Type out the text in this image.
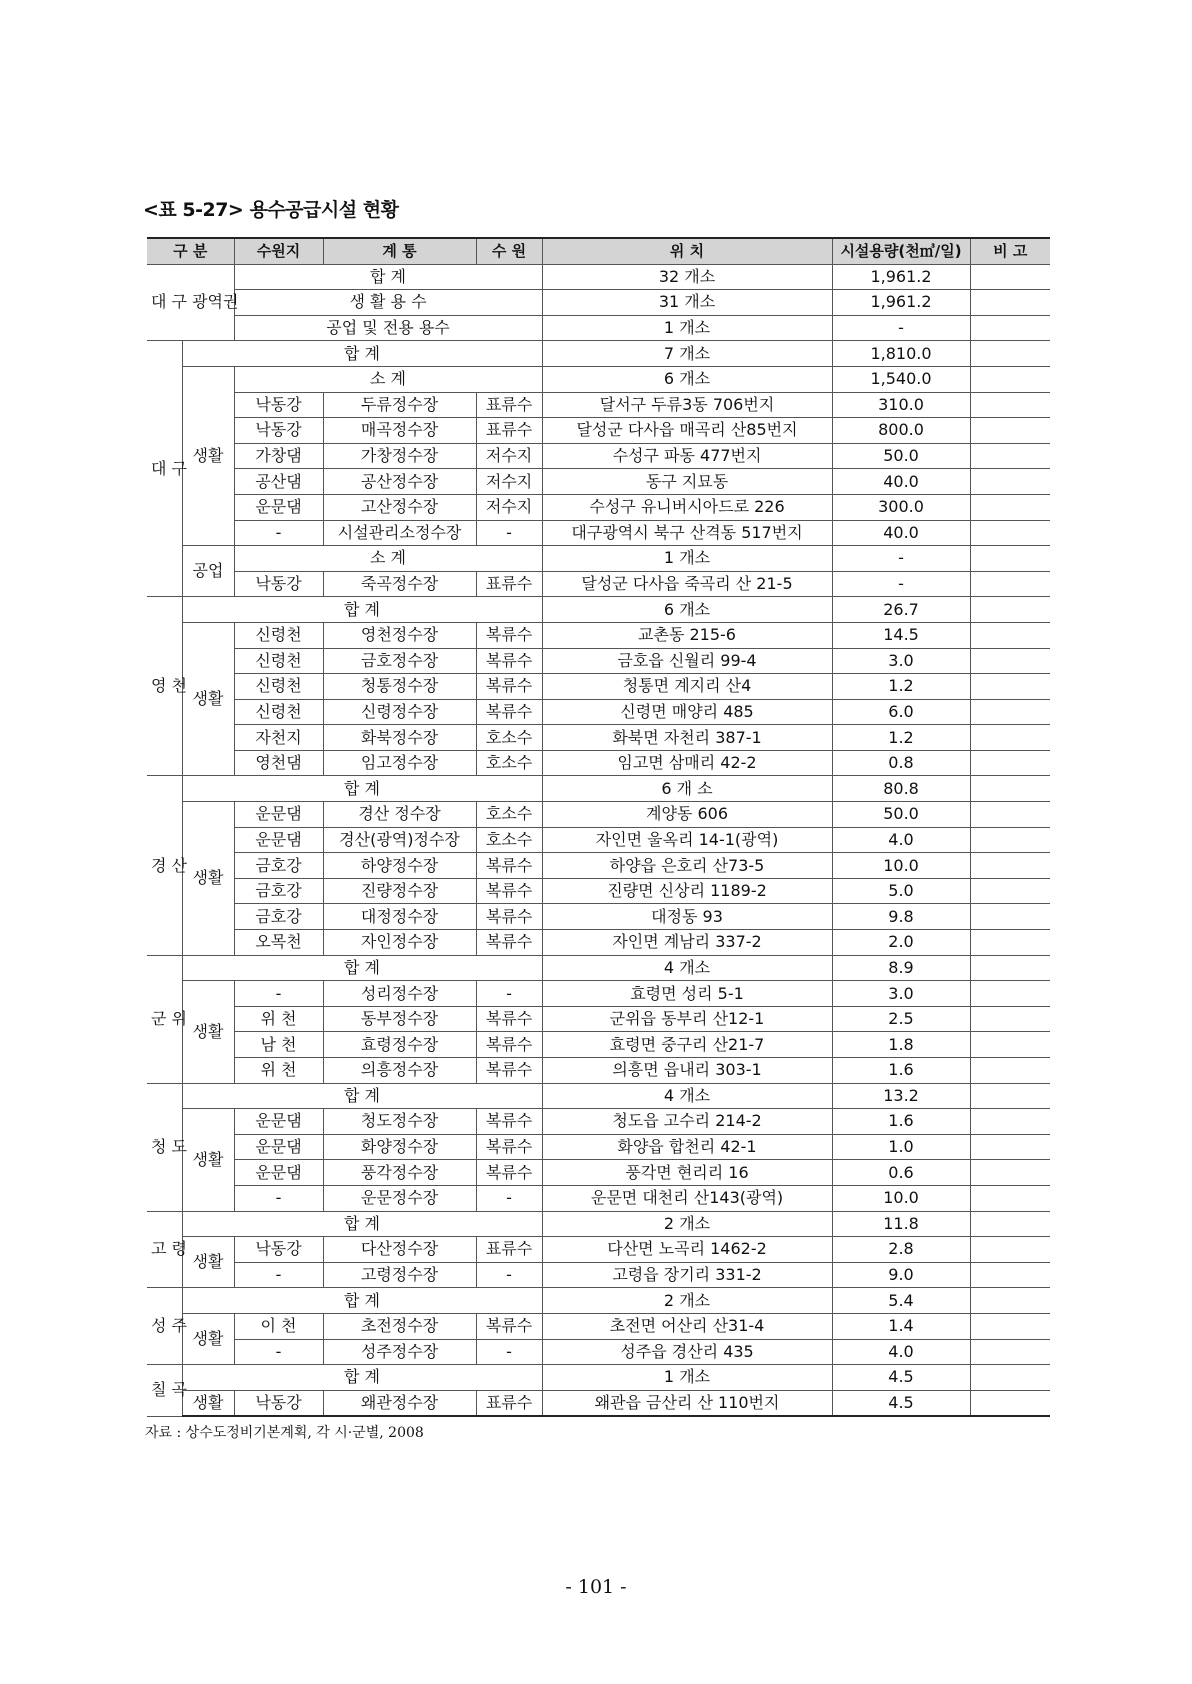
<표 5-27> 용수공급시설 현황
구 분		수원지	계 통	수 원	위 치	시설용량(천㎥/일)	비 고
대 구 광역권		합 계			32 개소	1,961.2	
		생 활 용 수			31 개소	1,961.2	
		공업 및 전용 용수			1 개소	-	
대 구	합 계				7 개소	1,810.0	
	생활	소 계			6 개소	1,540.0	
		낙동강	두류정수장	표류수	달서구 두류3동 706번지	310.0	
		낙동강	매곡정수장	표류수	달성군 다사읍 매곡리 산85번지	800.0	
		가창댐	가창정수장	저수지	수성구 파동 477번지	50.0	
		공산댐	공산정수장	저수지	동구 지묘동	40.0	
		운문댐	고산정수장	저수지	수성구 유니버시아드로 226	300.0	
		-	시설관리소정수장	-	대구광역시 북구 산격동 517번지	40.0	
	공업	소 계			1 개소	-	
		낙동강	죽곡정수장	표류수	달성군 다사읍 죽곡리 산 21-5	-	
영 천	합 계				6 개소	26.7	
	생활	신령천	영천정수장	복류수	교촌동 215-6	14.5	
		신령천	금호정수장	복류수	금호읍 신월리 99-4	3.0	
		신령천	청통정수장	복류수	청통면 계지리 산4	1.2	
		신령천	신령정수장	복류수	신령면 매양리 485	6.0	
		자천지	화북정수장	호소수	화북면 자천리 387-1	1.2	
		영천댐	임고정수장	호소수	임고면 삼매리 42-2	0.8	
경 산	합 계				6 개 소	80.8	
	생활	운문댐	경산 정수장	호소수	계양동 606	50.0	
		운문댐	경산(광역)정수장	호소수	자인면 울옥리 14-1(광역)	4.0	
		금호강	하양정수장	복류수	하양읍 은호리 산73-5	10.0	
		금호강	진량정수장	복류수	진량면 신상리 1189-2	5.0	
		금호강	대정정수장	복류수	대정동 93	9.8	
		오목천	자인정수장	복류수	자인면 계남리 337-2	2.0	
군 위	합 계				4 개소	8.9	
	생활	-	성리정수장	-	효령면 성리 5-1	3.0	
		위 천	동부정수장	복류수	군위읍 동부리 산12-1	2.5	
		남 천	효령정수장	복류수	효령면 중구리 산21-7	1.8	
		위 천	의흥정수장	복류수	의흥면 읍내리 303-1	1.6	
청 도	합 계				4 개소	13.2	
	생활	운문댐	청도정수장	복류수	청도읍 고수리 214-2	1.6	
		운문댐	화양정수장	복류수	화양읍 합천리 42-1	1.0	
		운문댐	풍각정수장	복류수	풍각면 현리리 16	0.6	
		-	운문정수장	-	운문면 대천리 산143(광역)	10.0	
고 령	합 계				2 개소	11.8	
	생활	낙동강	다산정수장	표류수	다산면 노곡리 1462-2	2.8	
		-	고령정수장	-	고령읍 장기리 331-2	9.0	
성 주	합 계				2 개소	5.4	
	생활	이 천	초전정수장	복류수	초전면 어산리 산31-4	1.4	
		-	성주정수장	-	성주읍 경산리 435	4.0	
칠 곡	합 계				1 개소	4.5	
	생활	낙동강	왜관정수장	표류수	왜관읍 금산리 산 110번지	4.5	
자료 : 상수도정비기본계획, 각 시·군별, 2008
- 101 -
